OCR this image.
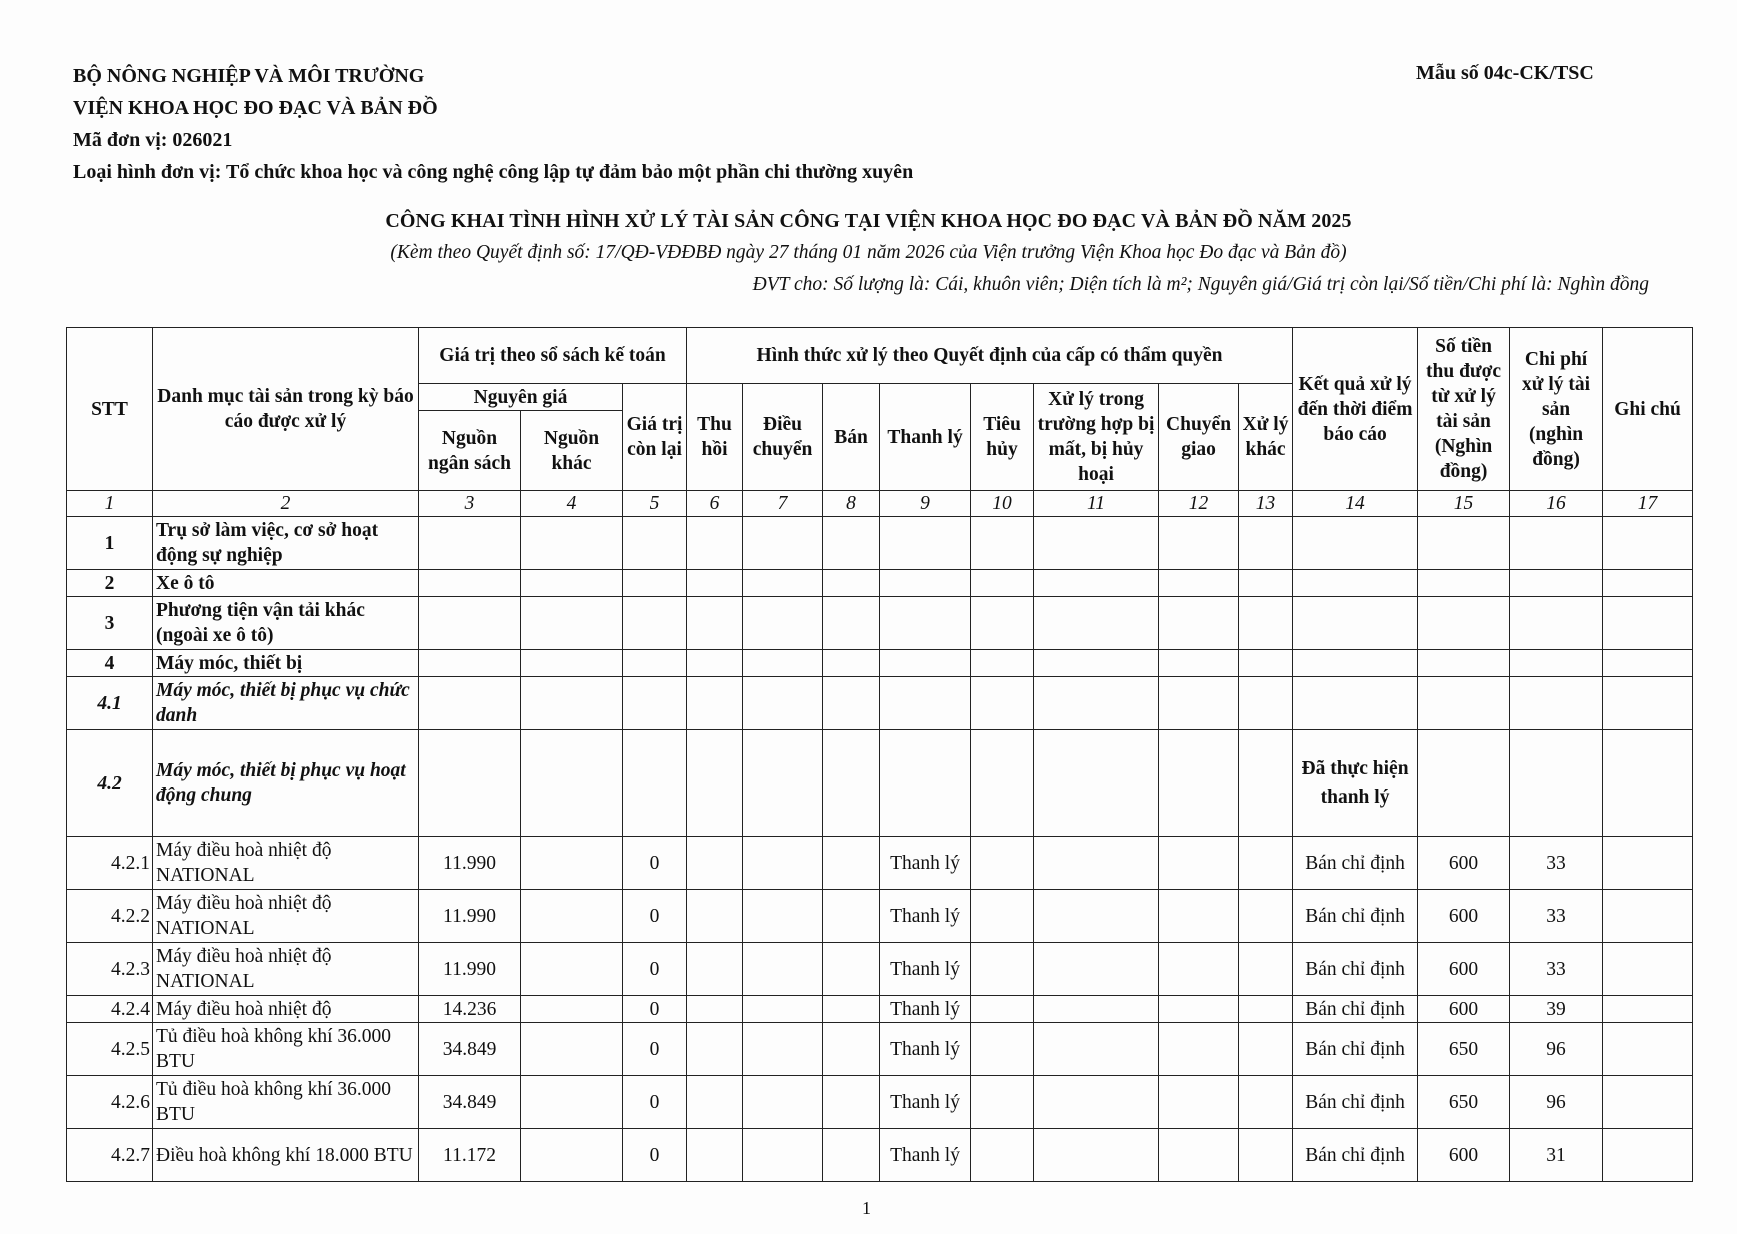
BỘ NÔNG NGHIỆP VÀ MÔI TRƯỜNG
VIỆN KHOA HỌC ĐO ĐẠC VÀ BẢN ĐỒ
Mã đơn vị: 026021
Loại hình đơn vị: Tổ chức khoa học và công nghệ công lập tự đảm bảo một phần chi thường xuyên
Mẫu số 04c-CK/TSC
CÔNG KHAI TÌNH HÌNH XỬ LÝ TÀI SẢN CÔNG TẠI VIỆN KHOA HỌC ĐO ĐẠC VÀ BẢN ĐỒ NĂM 2025
(Kèm theo Quyết định số: 17/QĐ-VĐĐBĐ ngày 27 tháng 01 năm 2026 của Viện trưởng Viện Khoa học Đo đạc và Bản đồ)
ĐVT cho: Số lượng là: Cái, khuôn viên; Diện tích là m²; Nguyên giá/Giá trị còn lại/Số tiền/Chi phí là: Nghìn đồng
STT	Danh mục tài sản trong kỳ báo cáo được xử lý	Giá trị theo sổ sách kế toán			Hình thức xử lý theo Quyết định của cấp có thẩm quyền								Kết quả xử lý đến thời điểm báo cáo	Số tiền thu được từ xử lý tài sản (Nghìn đồng)	Chi phí xử lý tài sản (nghìn đồng)	Ghi chú
		Nguyên giá		Giá trị còn lại	Thu hồi	Điều chuyển	Bán	Thanh lý	Tiêu hủy	Xử lý trong trường hợp bị mất, bị hủy hoại	Chuyển giao	Xử lý khác				
		Nguồn ngân sách	Nguồn khác													
1	2	3	4	5	6	7	8	9	10	11	12	13	14	15	16	17
1	Trụ sở làm việc, cơ sở hoạt động sự nghiệp															
2	Xe ô tô															
3	Phương tiện vận tải khác (ngoài xe ô tô)															
4	Máy móc, thiết bị															
4.1	Máy móc, thiết bị phục vụ chức danh															
4.2	Máy móc, thiết bị phục vụ hoạt động chung												Đã thực hiện thanh lý			
4.2.1	Máy điều hoà nhiệt độ NATIONAL	11.990		0				Thanh lý					Bán chỉ định	600	33	
4.2.2	Máy điều hoà nhiệt độ NATIONAL	11.990		0				Thanh lý					Bán chỉ định	600	33	
4.2.3	Máy điều hoà nhiệt độ NATIONAL	11.990		0				Thanh lý					Bán chỉ định	600	33	
4.2.4	Máy điều hoà nhiệt độ	14.236		0				Thanh lý					Bán chỉ định	600	39	
4.2.5	Tủ điều hoà không khí 36.000 BTU	34.849		0				Thanh lý					Bán chỉ định	650	96	
4.2.6	Tủ điều hoà không khí 36.000 BTU	34.849		0				Thanh lý					Bán chỉ định	650	96	
4.2.7	Điều hoà không khí 18.000 BTU	11.172		0				Thanh lý					Bán chỉ định	600	31	
1
